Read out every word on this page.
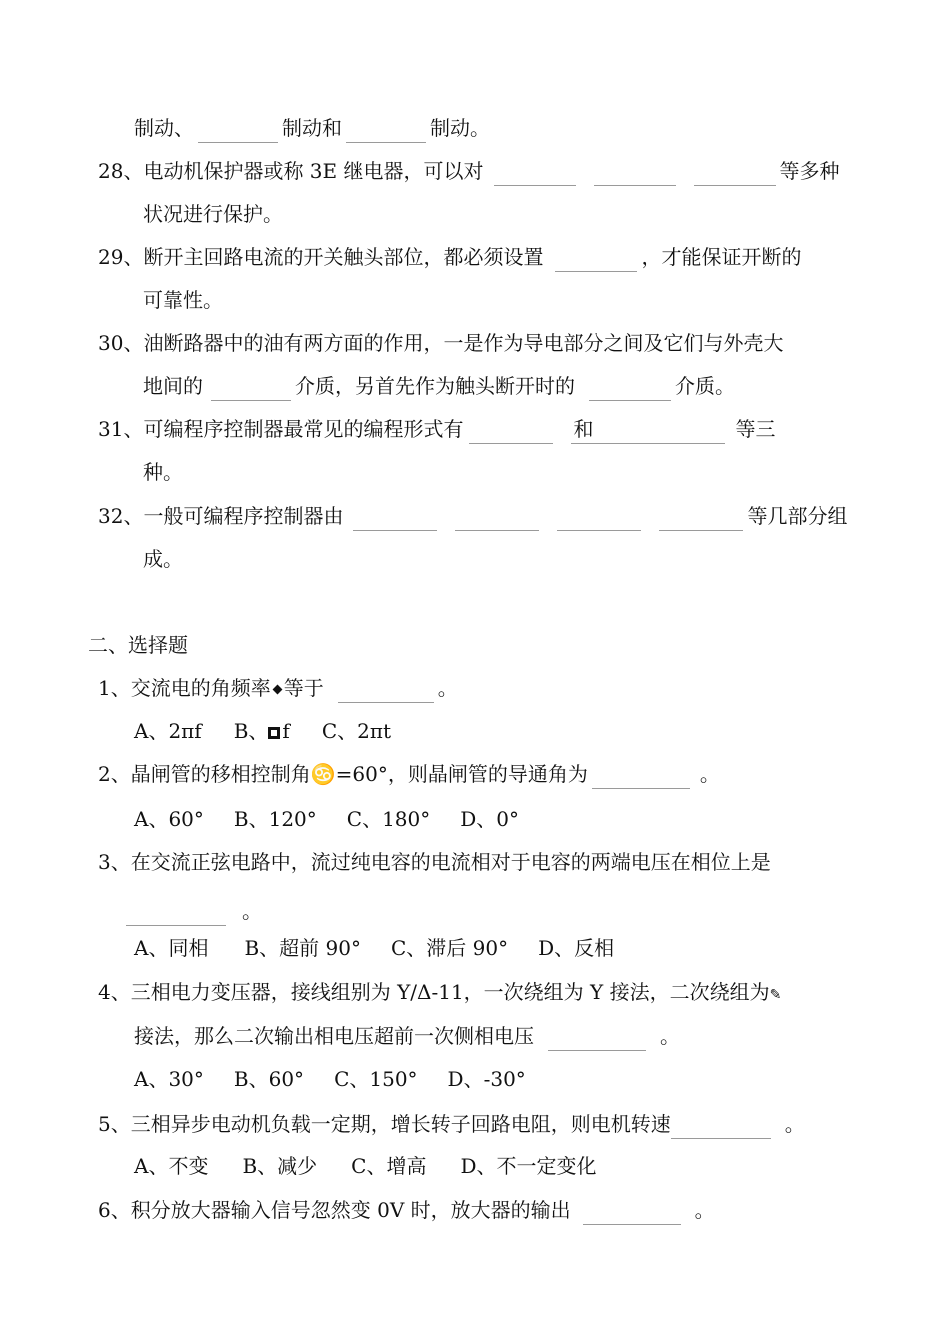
制动、	制动和	制动。
28、电动机保护器或称 3E 继电器，可以对	等多种
状况进行保护。
29、断开主回路电流的开关触头部位，都必须设置	，才能保证开断的
可靠性。
30、油断路器中的油有两方面的作用，一是作为导电部分之间及它们与外壳大
地间的	介质，另首先作为触头断开时的	介质。
31、可编程序控制器最常见的编程形式有	和	等三
种。
32、一般可编程序控制器由	等几部分组
成。
二、选择题
1、交流电的角频率 等于	。
A、2πf B、 f C、2πt
2、晶闸管的移相控制角♋=60°，则晶闸管的导通角为	。
A、60° B、120° C、180° D、0°
3、在交流正弦电路中，流过纯电容的电流相对于电容的两端电压在相位上是
。
A、同相 B、超前 90° C、滞后 90° D、反相
4、三相电力变压器，接线组别为 Y/Δ-11，一次绕组为 Y 接法，二次绕组为✎
接法，那么二次输出相电压超前一次侧相电压	。
A、30° B、60° C、150° D、-30°
5、三相异步电动机负载一定期，增长转子回路电阻，则电机转速	。
A、不变 B、减少 C、增高 D、不一定变化
6、积分放大器输入信号忽然变 0V 时，放大器的输出	。
